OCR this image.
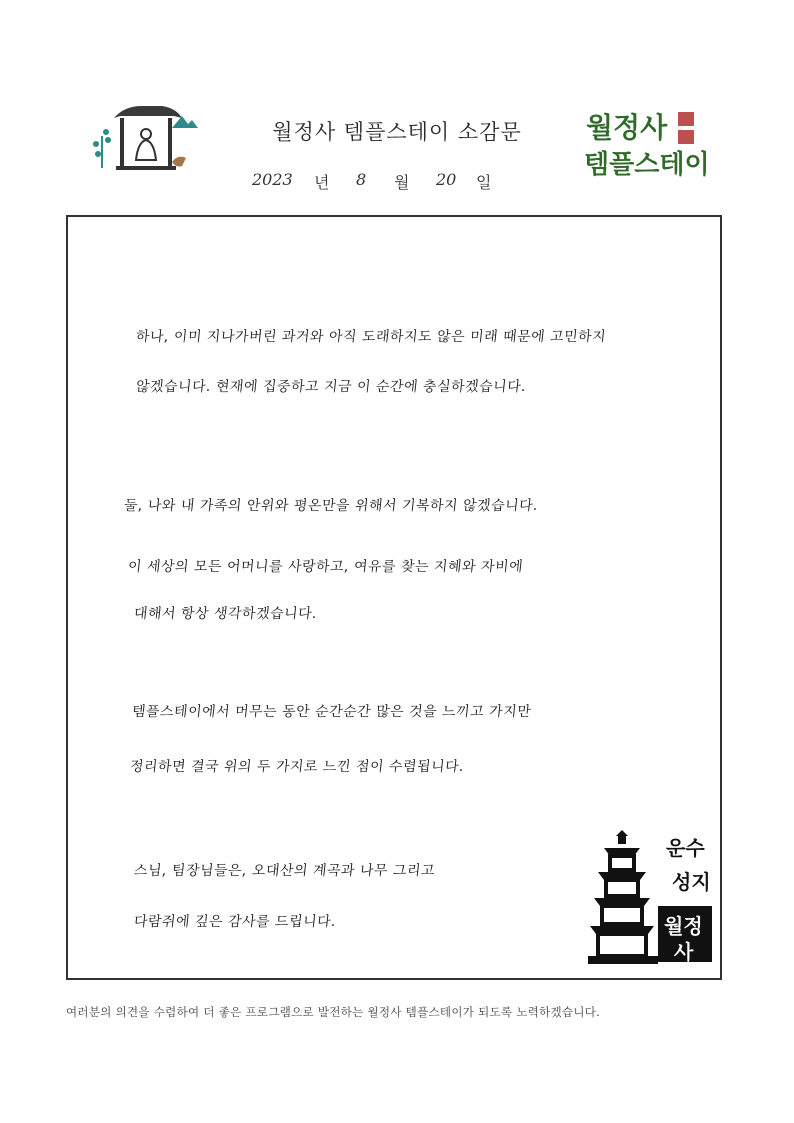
월정사 템플스테이 소감문
2023 년 8 월 20 일
월정사
템플스테이
하나, 이미 지나가버린 과거와 아직 도래하지도 않은 미래 때문에 고민하지
않겠습니다. 현재에 집중하고 지금 이 순간에 충실하겠습니다.
둘, 나와 내 가족의 안위와 평온만을 위해서 기복하지 않겠습니다.
이 세상의 모든 어머니를 사랑하고, 여유를 찾는 지혜와 자비에
대해서 항상 생각하겠습니다.
템플스테이에서 머무는 동안 순간순간 많은 것을 느끼고 가지만
정리하면 결국 위의 두 가지로 느낀 점이 수렴됩니다.
스님, 팀장님들은, 오대산의 계곡과 나무 그리고
다람쥐에 깊은 감사를 드립니다.
운수
성지
월정
사
여러분의 의견을 수렴하여 더 좋은 프로그램으로 발전하는 월정사 템플스테이가 되도록 노력하겠습니다.
